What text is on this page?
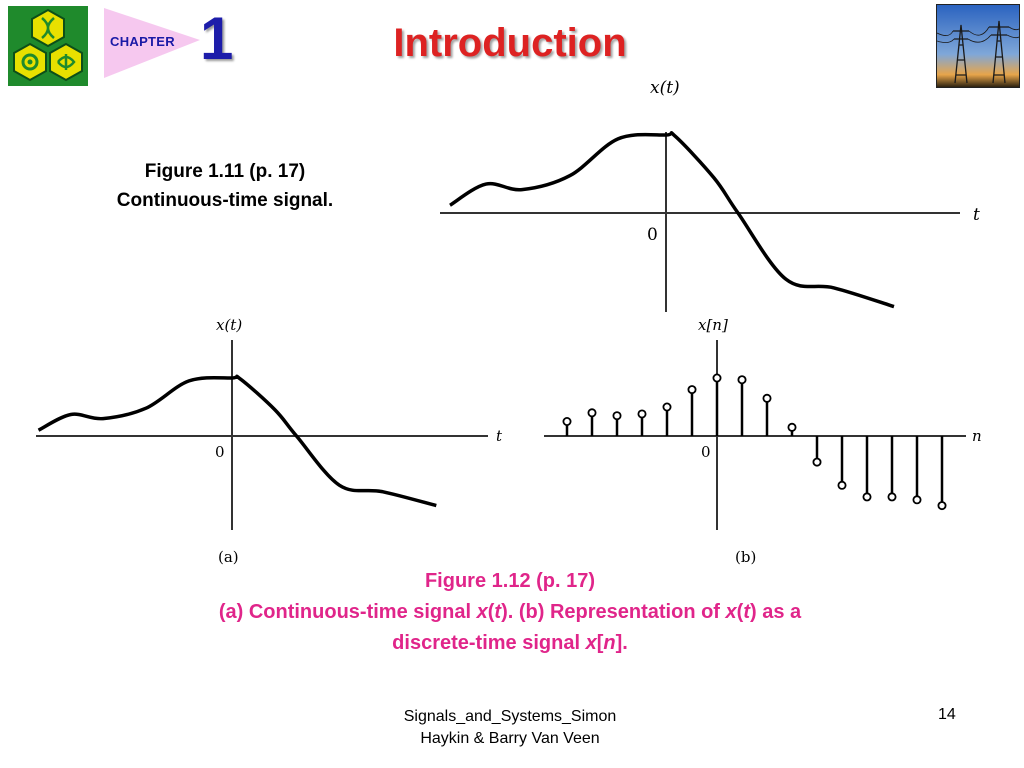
CHAPTER 1	Introduction
Figure 1.11 (p. 17)
Continuous-time signal.
x(t)
t
0
x(t)
t
0
(a)
x[n]
n
0
(b)
Figure 1.12 (p. 17)
(a) Continuous-time signal x(t). (b) Representation of x(t) as a
discrete-time signal x[n].
Signals_and_Systems_Simon
Haykin & Barry Van Veen
14
